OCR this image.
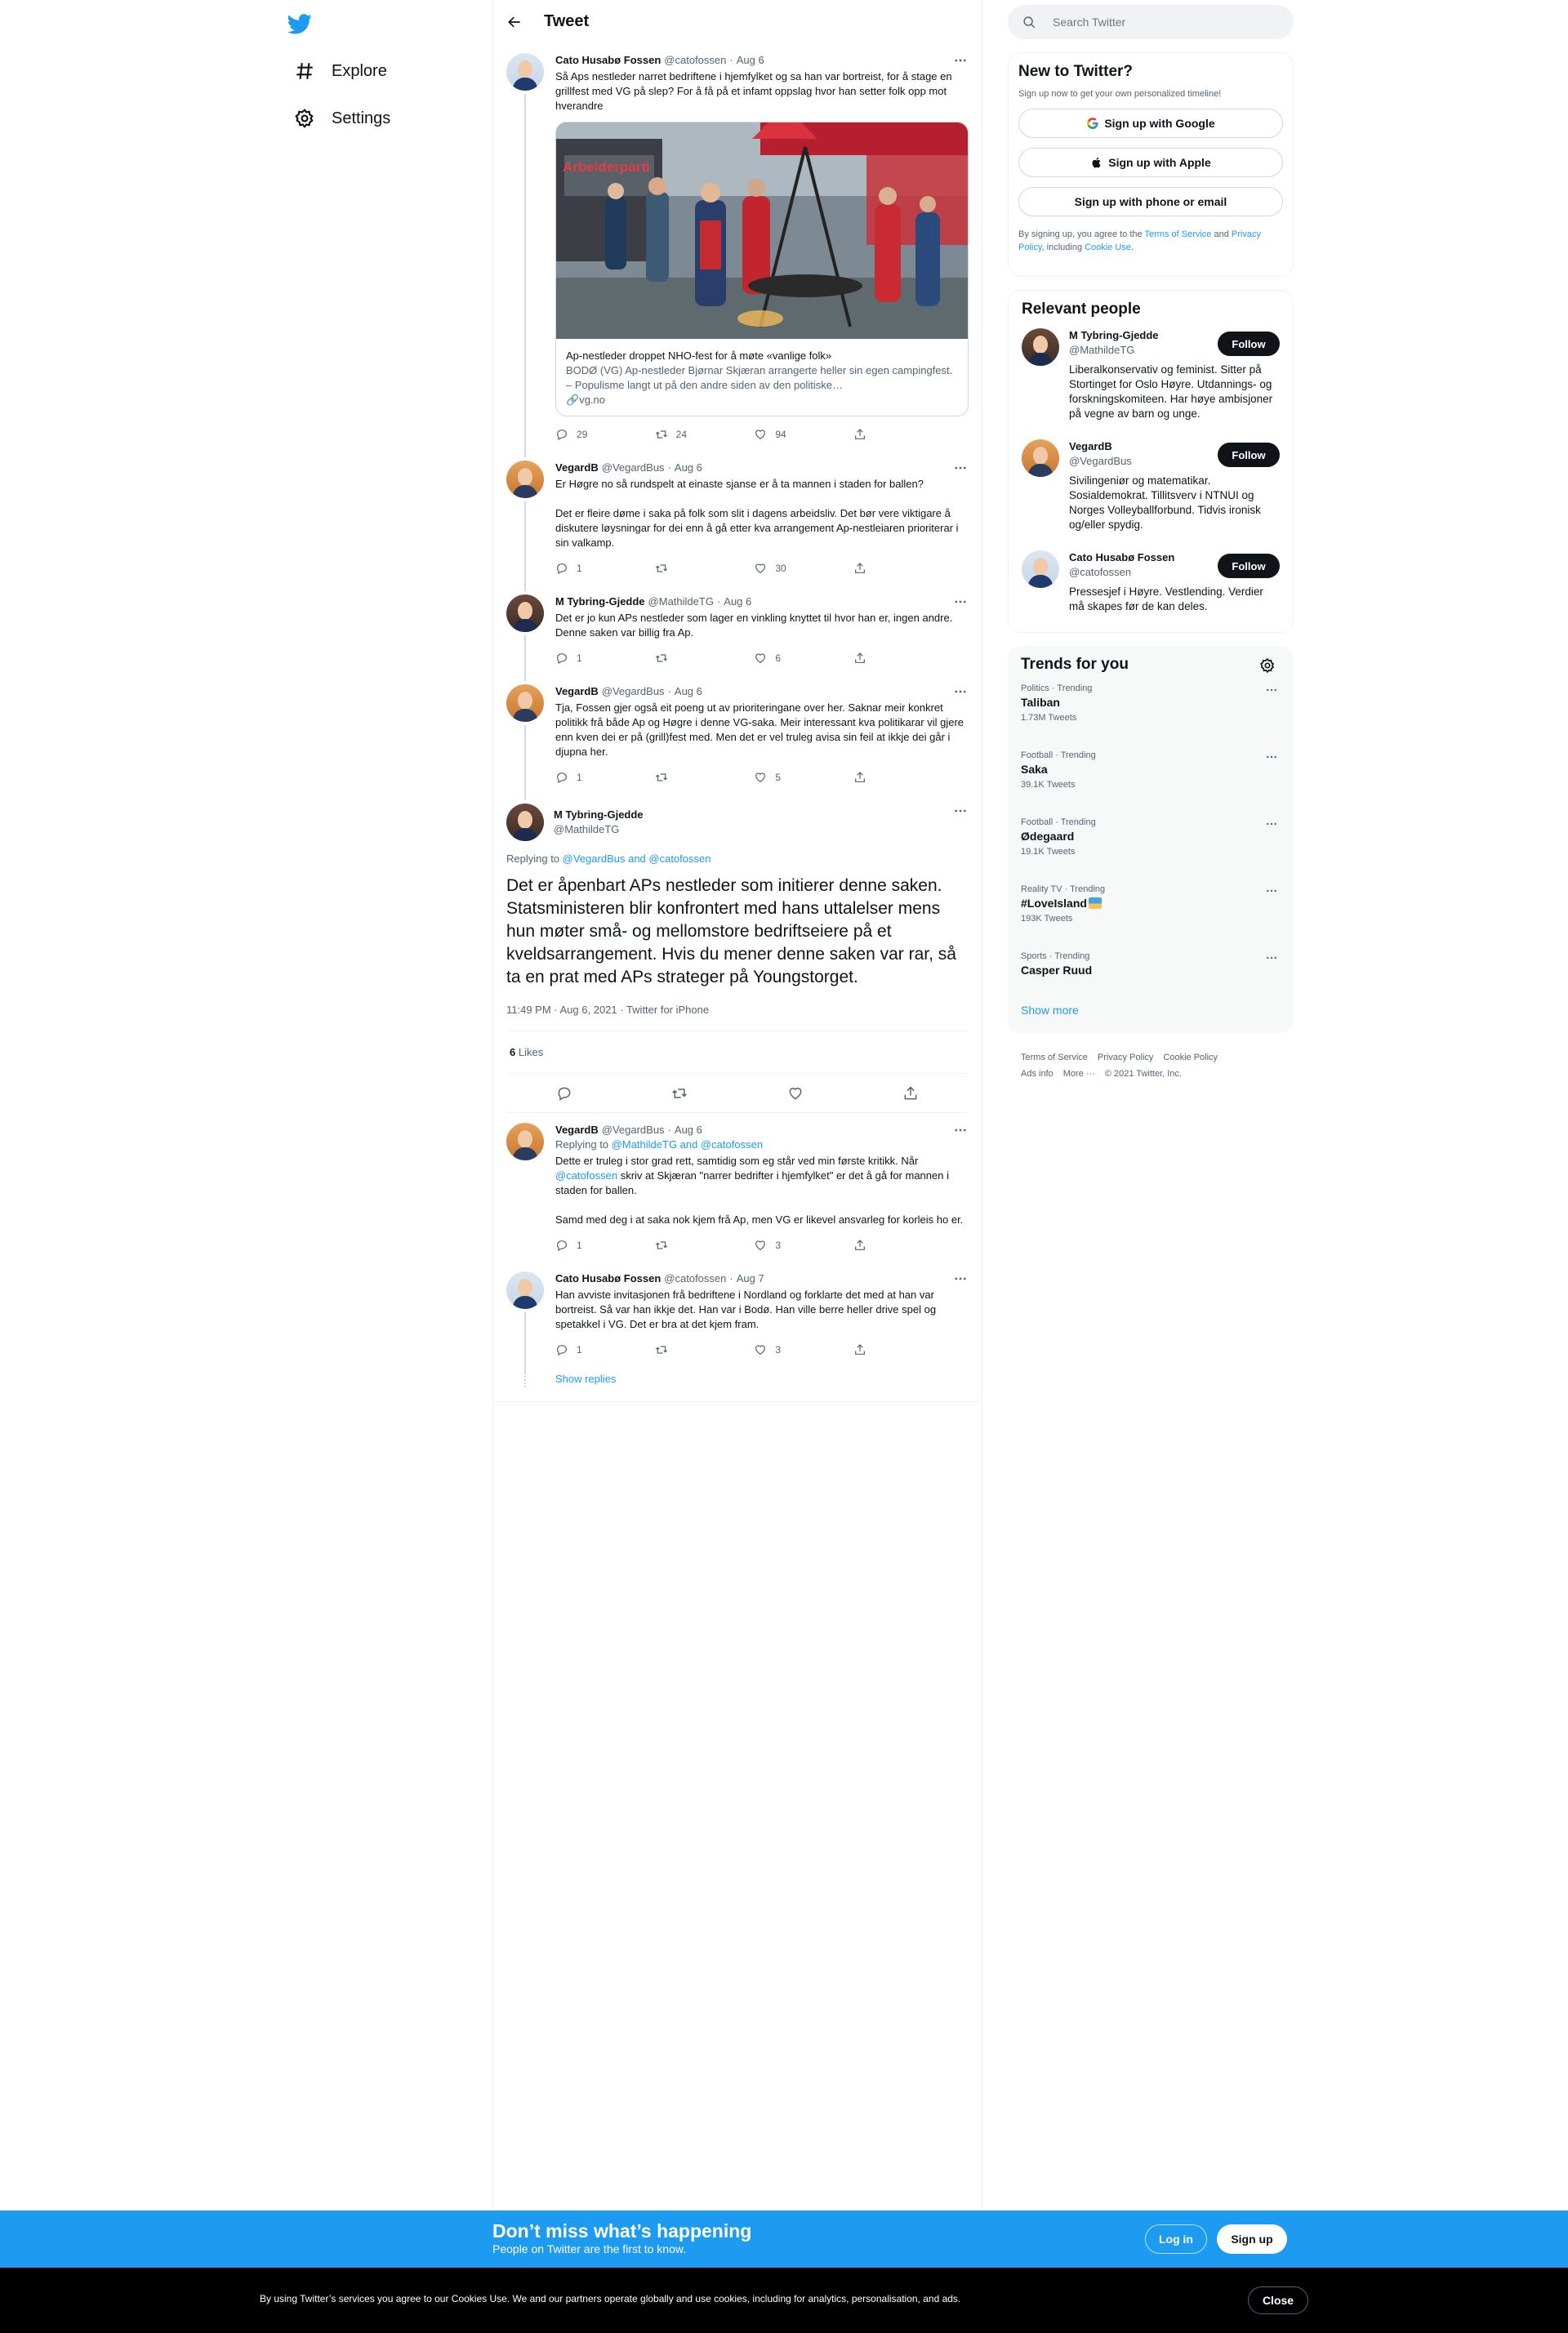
Explore
Settings
Tweet
Cato Husabø Fossen @catofossen · Aug 6
Så Aps nestleder narret bedriftene i hjemfylket og sa han var bortreist, for å stage en grillfest med VG på slep? For å få på et infamt oppslag hvor han setter folk opp mot hverandre
Arbeiderparti
Ap-nestleder droppet NHO-fest for å møte «vanlige folk»
BODØ (VG) Ap-nestleder Bjørnar Skjæran arrangerte heller sin egen campingfest. – Populisme langt ut på den andre siden av den politiske…
🔗vg.no
29	24	94
VegardB @VegardBus · Aug 6
Er Høgre no så rundspelt at einaste sjanse er å ta mannen i staden for ballen?

Det er fleire døme i saka på folk som slit i dagens arbeidsliv. Det bør vere viktigare å diskutere løysningar for dei enn å gå etter kva arrangement Ap-nestleiaren prioriterar i sin valkamp.
1	30
M Tybring-Gjedde @MathildeTG · Aug 6
Det er jo kun APs nestleder som lager en vinkling knyttet til hvor han er, ingen andre. Denne saken var billig fra Ap.
1	6
VegardB @VegardBus · Aug 6
Tja, Fossen gjer også eit poeng ut av prioriteringane over her. Saknar meir konkret politikk frå både Ap og Høgre i denne VG-saka. Meir interessant kva politikarar vil gjere enn kven dei er på (grill)fest med. Men det er vel truleg avisa sin feil at ikkje dei går i djupna her.
1	5
M Tybring-Gjedde
@MathildeTG
Replying to @VegardBus and @catofossen
Det er åpenbart APs nestleder som initierer denne saken. Statsministeren blir konfrontert med hans uttalelser mens hun møter små- og mellomstore bedriftseiere på et kveldsarrangement. Hvis du mener denne saken var rar, så ta en prat med APs strateger på Youngstorget.
11:49 PM · Aug 6, 2021 · Twitter for iPhone
6 Likes
VegardB @VegardBus · Aug 6
Replying to @MathildeTG and @catofossen
Dette er truleg i stor grad rett, samtidig som eg står ved min første kritikk. Når @catofossen skriv at Skjæran "narrer bedrifter i hjemfylket" er det å gå for mannen i staden for ballen.

Samd med deg i at saka nok kjem frå Ap, men VG er likevel ansvarleg for korleis ho er.
1	3
Cato Husabø Fossen @catofossen · Aug 7
Han avviste invitasjonen frå bedriftene i Nordland og forklarte det med at han var bortreist. Så var han ikkje det. Han var i Bodø. Han ville berre heller drive spel og spetakkel i VG. Det er bra at det kjem fram.
1	3
Show replies
Search Twitter
New to Twitter?
Sign up now to get your own personalized timeline!
Sign up with Google
Sign up with Apple
Sign up with phone or email
By signing up, you agree to the Terms of Service and Privacy Policy, including Cookie Use.
Relevant people
M Tybring-Gjedde
@MathildeTG
Liberalkonservativ og feminist. Sitter på Stortinget for Oslo Høyre. Utdannings- og forskningskomiteen. Har høye ambisjoner på vegne av barn og unge.
Follow
VegardB
@VegardBus
Sivilingeniør og matematikar. Sosialdemokrat. Tillitsverv i NTNUI og Norges Volleyballforbund. Tidvis ironisk og/eller spydig.
Follow
Cato Husabø Fossen
@catofossen
Pressesjef i Høyre. Vestlending. Verdier må skapes før de kan deles.
Follow
Trends for you
Politics · Trending
Taliban
1.73M Tweets
Football · Trending
Saka
39.1K Tweets
Football · Trending
Ødegaard
19.1K Tweets
Reality TV · Trending
#LoveIsland
193K Tweets
Sports · Trending
Casper Ruud
Show more
Terms of Service Privacy Policy Cookie Policy
Ads info More ··· © 2021 Twitter, Inc.
Don’t miss what’s happening
People on Twitter are the first to know.
Log in	Sign up
By using Twitter’s services you agree to our Cookies Use. We and our partners operate globally and use cookies, including for analytics, personalisation, and ads.	Close
